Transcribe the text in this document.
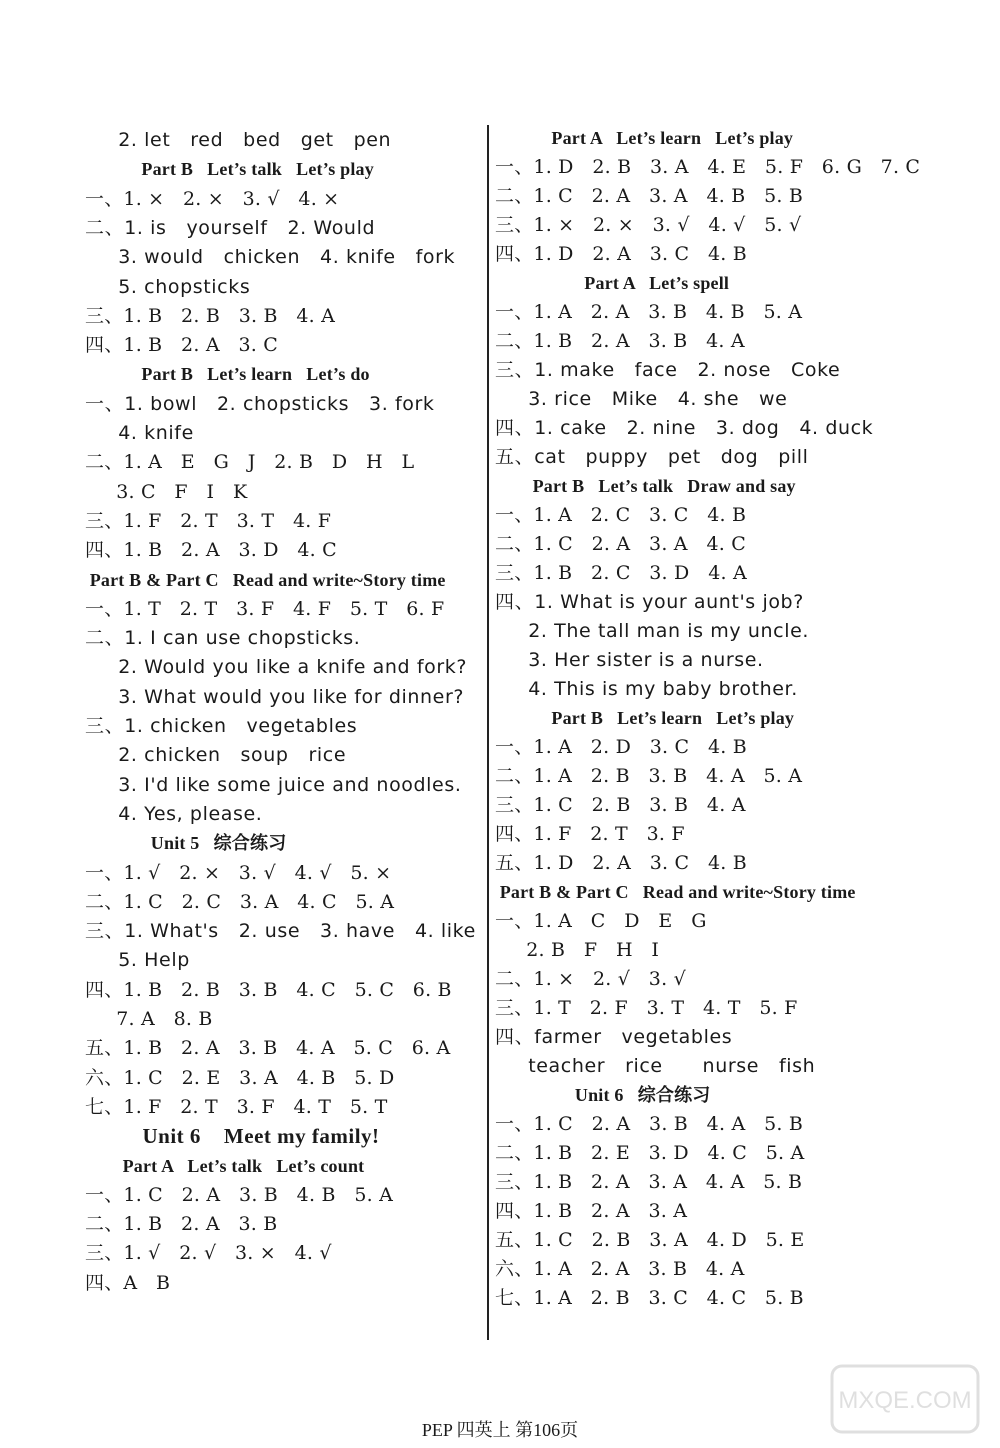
2. let   red   bed   get   pen
Part B   Let’s talk   Let’s play
一、1. ×   2. ×   3. √   4. ×
二、1. is   yourself   2. Would
3. would   chicken   4. knife   fork
5. chopsticks
三、1. B   2. B   3. B   4. A
四、1. B   2. A   3. C
Part B   Let’s learn   Let’s do
一、1. bowl   2. chopsticks   3. fork
4. knife
二、1. A   E   G   J   2. B   D   H   L
3. C   F   I   K
三、1. F   2. T   3. T   4. F
四、1. B   2. A   3. D   4. C
Part B & Part C   Read and write~Story time
一、1. T   2. T   3. F   4. F   5. T   6. F
二、1. I can use chopsticks.
2. Would you like a knife and fork?
3. What would you like for dinner?
三、1. chicken   vegetables
2. chicken   soup   rice
3. I'd like some juice and noodles.
4. Yes, please.
Unit 5   综合练习
一、1. √   2. ×   3. √   4. √   5. ×
二、1. C   2. C   3. A   4. C   5. A
三、1. What's   2. use   3. have   4. like
5. Help
四、1. B   2. B   3. B   4. C   5. C   6. B
7. A   8. B
五、1. B   2. A   3. B   4. A   5. C   6. A
六、1. C   2. E   3. A   4. B   5. D
七、1. F   2. T   3. F   4. T   5. T
Unit 6    Meet my family!
Part A   Let’s talk   Let’s count
一、1. C   2. A   3. B   4. B   5. A
二、1. B   2. A   3. B
三、1. √   2. √   3. ×   4. √
四、A   B
Part A   Let’s learn   Let’s play
一、1. D   2. B   3. A   4. E   5. F   6. G   7. C
二、1. C   2. A   3. A   4. B   5. B
三、1. ×   2. ×   3. √   4. √   5. √
四、1. D   2. A   3. C   4. B
Part A   Let’s spell
一、1. A   2. A   3. B   4. B   5. A
二、1. B   2. A   3. B   4. A
三、1. make   face   2. nose   Coke
3. rice   Mike   4. she   we
四、1. cake   2. nine   3. dog   4. duck
五、cat   puppy   pet   dog   pill
Part B   Let’s talk   Draw and say
一、1. A   2. C   3. C   4. B
二、1. C   2. A   3. A   4. C
三、1. B   2. C   3. D   4. A
四、1. What is your aunt's job?
2. The tall man is my uncle.
3. Her sister is a nurse.
4. This is my baby brother.
Part B   Let’s learn   Let’s play
一、1. A   2. D   3. C   4. B
二、1. A   2. B   3. B   4. A   5. A
三、1. C   2. B   3. B   4. A
四、1. F   2. T   3. F
五、1. D   2. A   3. C   4. B
Part B & Part C   Read and write~Story time
一、1. A   C   D   E   G
2. B   F   H   I
二、1. ×   2. √   3. √
三、1. T   2. F   3. T   4. T   5. F
四、farmer   vegetables
teacher   rice      nurse   fish
Unit 6   综合练习
一、1. C   2. A   3. B   4. A   5. B
二、1. B   2. E   3. D   4. C   5. A
三、1. B   2. A   3. A   4. A   5. B
四、1. B   2. A   3. A
五、1. C   2. B   3. A   4. D   5. E
六、1. A   2. A   3. B   4. A
七、1. A   2. B   3. C   4. C   5. B
PEP 四英上 第106页
MXQE.COM
